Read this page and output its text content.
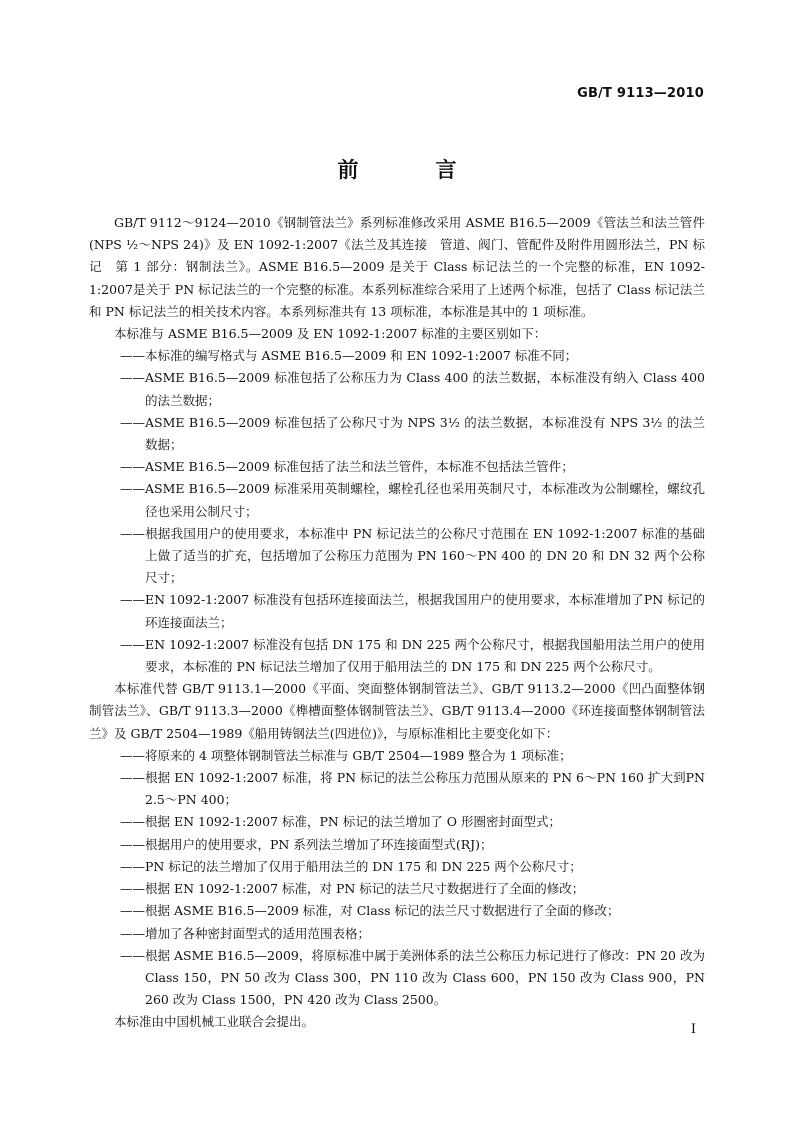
GB/T 9113—2010
前　言

GB/T 9112～9124—2010《钢制管法兰》系列标准修改采用 ASME B16.5—2009《管法兰和法兰管件(NPS ½～NPS 24)》及 EN 1092-1:2007《法兰及其连接　管道、阀门、管配件及附件用圆形法兰，PN 标记　第 1 部分：钢制法兰》。ASME B16.5—2009 是关于 Class 标记法兰的一个完整的标准，EN 1092-1:2007是关于 PN 标记法兰的一个完整的标准。本系列标准综合采用了上述两个标准，包括了 Class 标记法兰和 PN 标记法兰的相关技术内容。本系列标准共有 13 项标准，本标准是其中的 1 项标准。

本标准与 ASME B16.5—2009 及 EN 1092-1:2007 标准的主要区别如下：

——本标准的编写格式与 ASME B16.5—2009 和 EN 1092-1:2007 标准不同；

——ASME B16.5—2009 标准包括了公称压力为 Class 400 的法兰数据，本标准没有纳入 Class 400 的法兰数据；

——ASME B16.5—2009 标准包括了公称尺寸为 NPS 3½ 的法兰数据，本标准没有 NPS 3½ 的法兰数据；

——ASME B16.5—2009 标准包括了法兰和法兰管件，本标准不包括法兰管件；

——ASME B16.5—2009 标准采用英制螺栓，螺栓孔径也采用英制尺寸，本标准改为公制螺栓，螺纹孔径也采用公制尺寸；

——根据我国用户的使用要求，本标准中 PN 标记法兰的公称尺寸范围在 EN 1092-1:2007 标准的基础上做了适当的扩充，包括增加了公称压力范围为 PN 160～PN 400 的 DN 20 和 DN 32 两个公称尺寸；

——EN 1092-1:2007 标准没有包括环连接面法兰，根据我国用户的使用要求，本标准增加了PN 标记的环连接面法兰；

——EN 1092-1:2007 标准没有包括 DN 175 和 DN 225 两个公称尺寸，根据我国船用法兰用户的使用要求，本标准的 PN 标记法兰增加了仅用于船用法兰的 DN 175 和 DN 225 两个公称尺寸。

本标准代替 GB/T 9113.1—2000《平面、突面整体钢制管法兰》、GB/T 9113.2—2000《凹凸面整体钢制管法兰》、GB/T 9113.3—2000《榫槽面整体钢制管法兰》、GB/T 9113.4—2000《环连接面整体钢制管法兰》及 GB/T 2504—1989《船用铸钢法兰(四进位)》，与原标准相比主要变化如下：

——将原来的 4 项整体钢制管法兰标准与 GB/T 2504—1989 整合为 1 项标准；

——根据 EN 1092-1:2007 标准，将 PN 标记的法兰公称压力范围从原来的 PN 6～PN 160 扩大到PN 2.5～PN 400；

——根据 EN 1092-1:2007 标准，PN 标记的法兰增加了 O 形圈密封面型式；

——根据用户的使用要求，PN 系列法兰增加了环连接面型式(RJ)；

——PN 标记的法兰增加了仅用于船用法兰的 DN 175 和 DN 225 两个公称尺寸；

——根据 EN 1092-1:2007 标准，对 PN 标记的法兰尺寸数据进行了全面的修改；

——根据 ASME B16.5—2009 标准，对 Class 标记的法兰尺寸数据进行了全面的修改；

——增加了各种密封面型式的适用范围表格；

——根据 ASME B16.5—2009，将原标准中属于美洲体系的法兰公称压力标记进行了修改：PN 20 改为 Class 150，PN 50 改为 Class 300，PN 110 改为 Class 600，PN 150 改为 Class 900，PN 260 改为 Class 1500，PN 420 改为 Class 2500。

本标准由中国机械工业联合会提出。

I
